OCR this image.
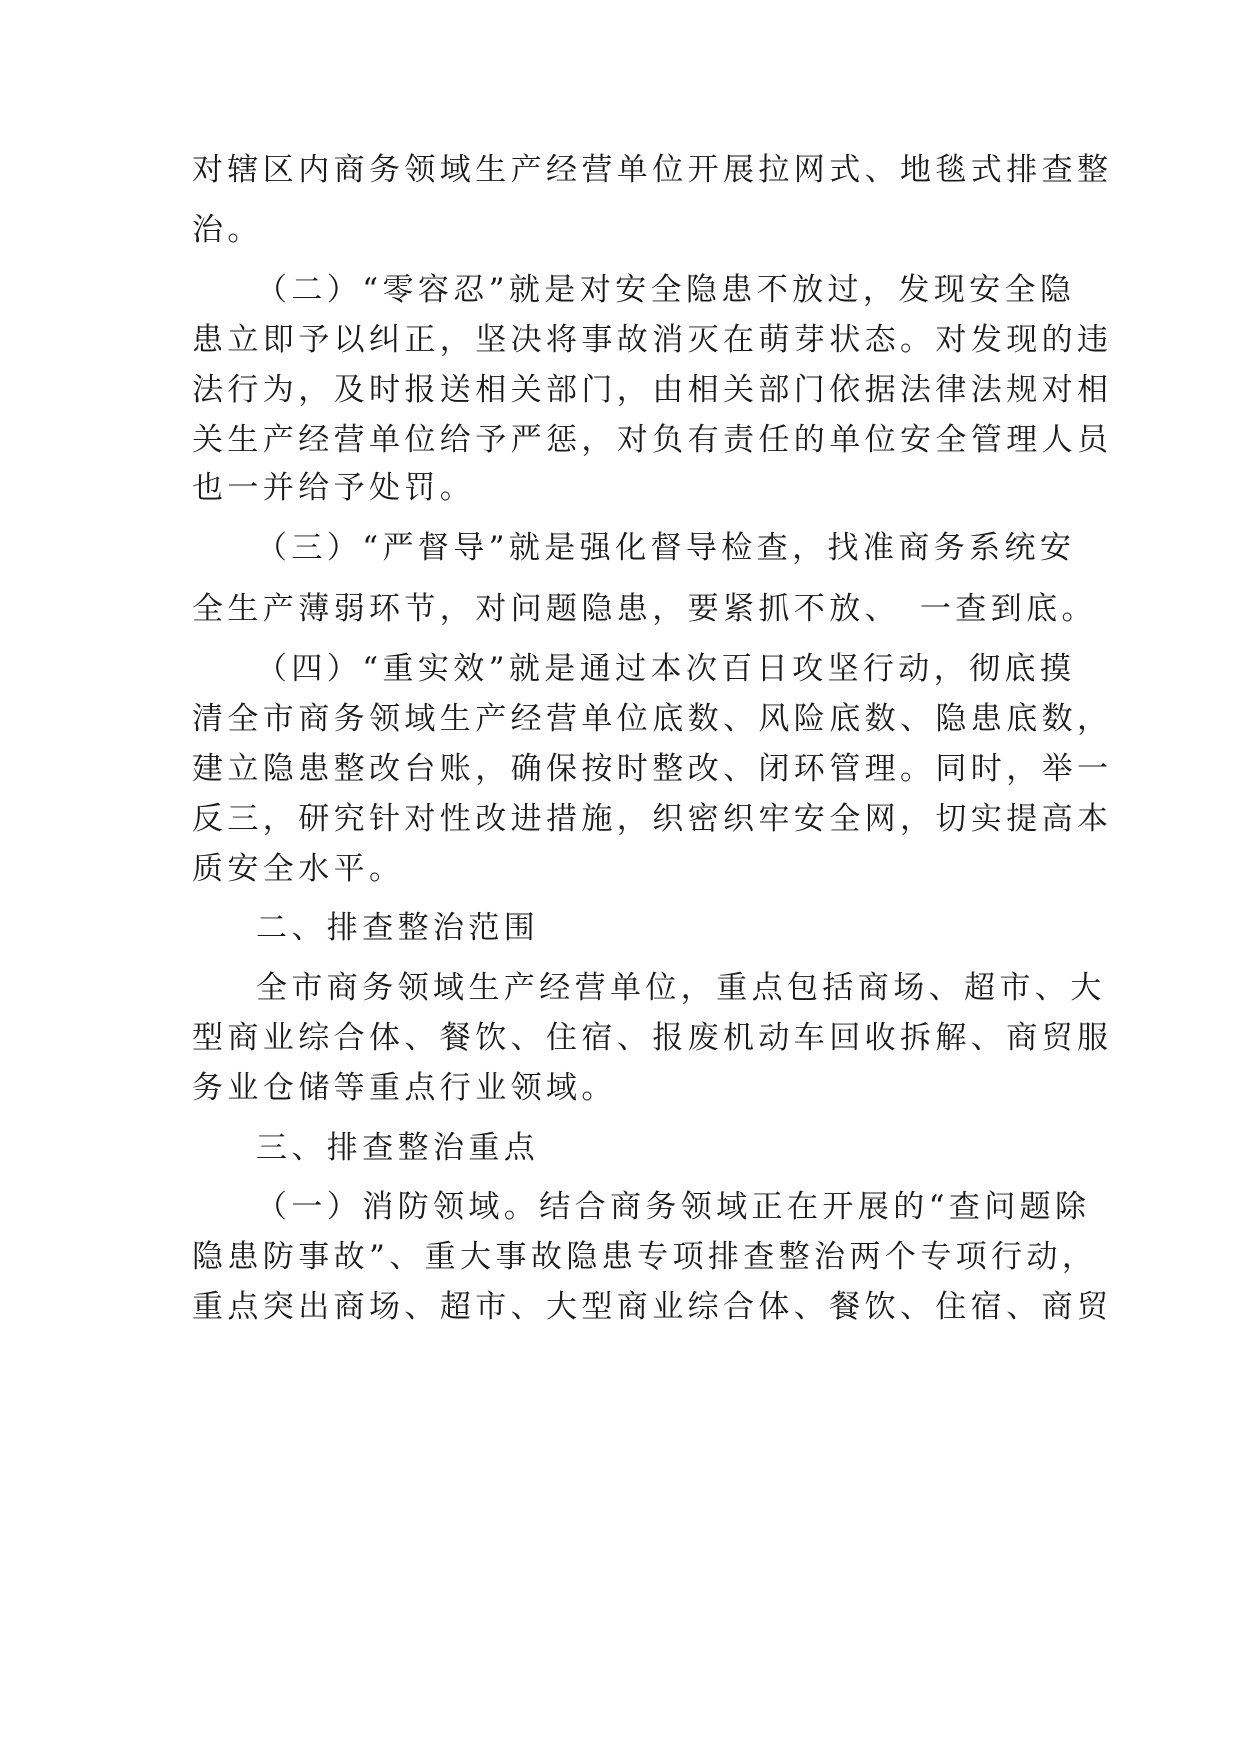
对辖区内商务领域生产经营单位开展拉网式、地毯式排查整
治。
（二）“零容忍”就是对安全隐患不放过，发现安全隐
患立即予以纠正，坚决将事故消灭在萌芽状态。对发现的违
法行为，及时报送相关部门，由相关部门依据法律法规对相
关生产经营单位给予严惩，对负有责任的单位安全管理人员
也一并给予处罚。
（三）“严督导”就是强化督导检查，找准商务系统安
全生产薄弱环节，对问题隐患，要紧抓不放、　一查到底。
（四）“重实效”就是通过本次百日攻坚行动，彻底摸
清全市商务领域生产经营单位底数、风险底数、隐患底数，
建立隐患整改台账，确保按时整改、闭环管理。同时，举一
反三，研究针对性改进措施，织密织牢安全网，切实提高本
质安全水平。
二、排查整治范围
全市商务领域生产经营单位，重点包括商场、超市、大
型商业综合体、餐饮、住宿、报废机动车回收拆解、商贸服
务业仓储等重点行业领域。
三、排查整治重点
（一）消防领域。结合商务领域正在开展的“查问题除
隐患防事故”、重大事故隐患专项排查整治两个专项行动，
重点突出商场、超市、大型商业综合体、餐饮、住宿、商贸
